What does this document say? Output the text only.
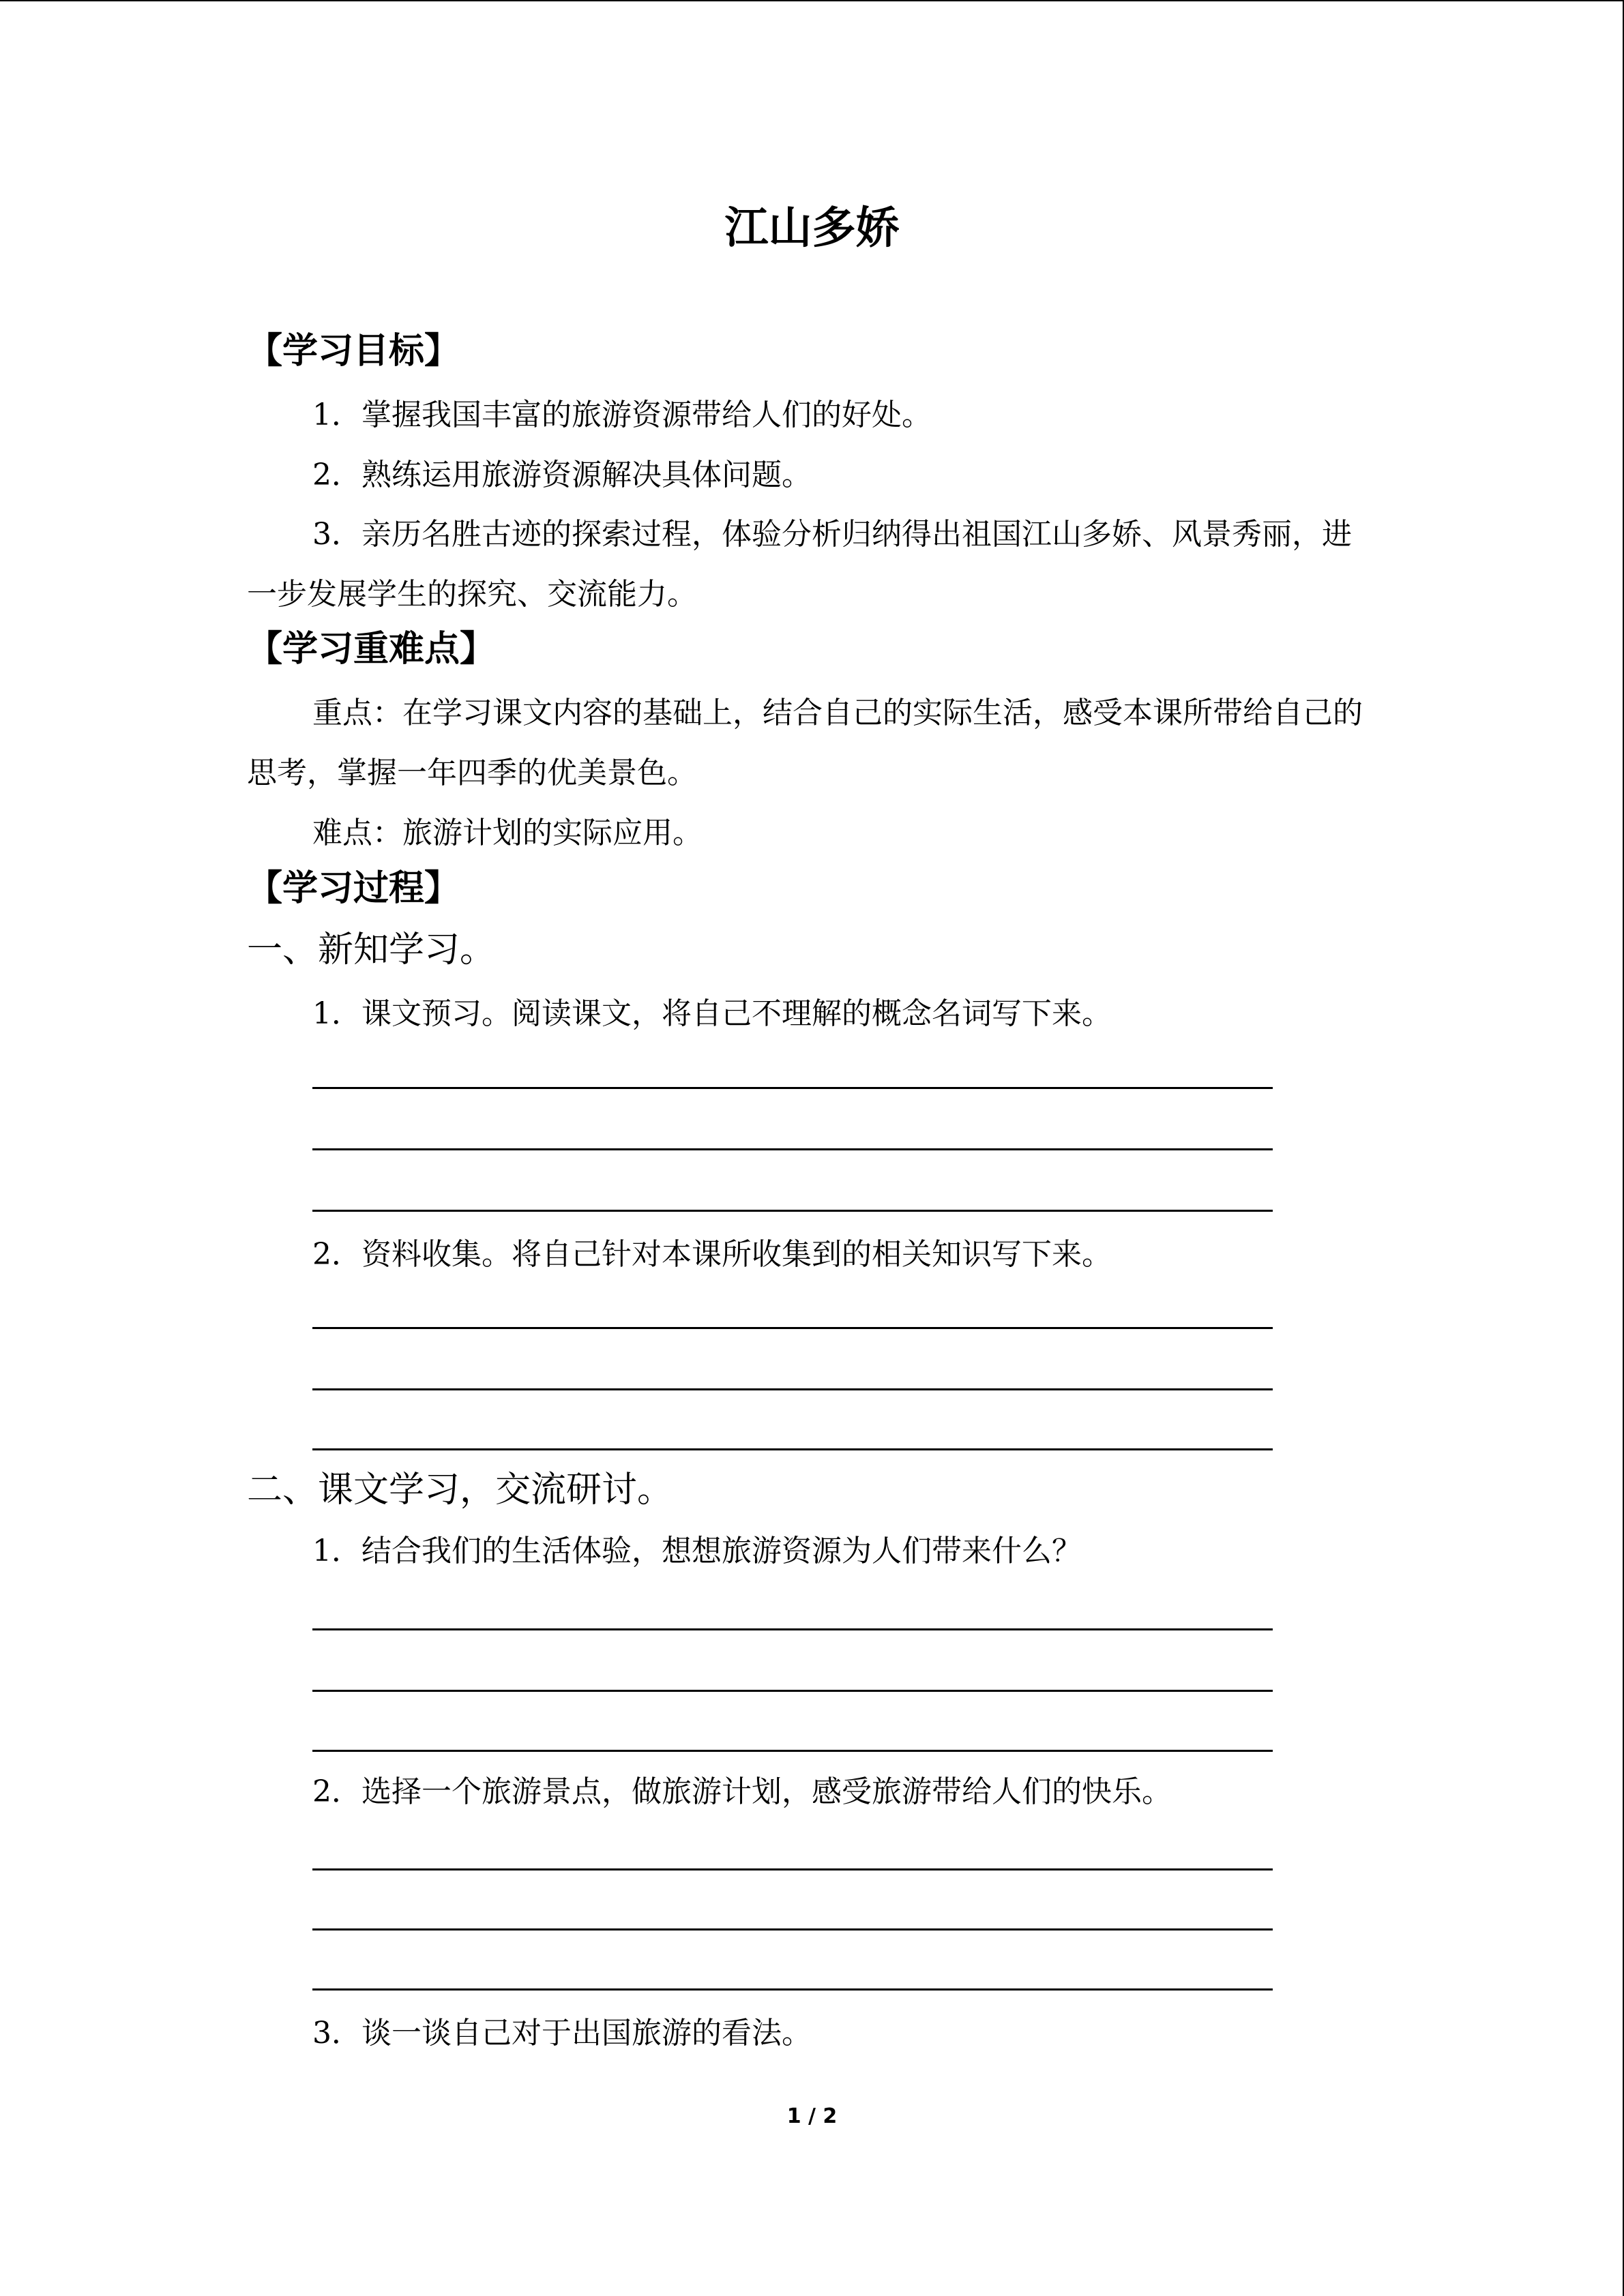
江山多娇
【学习目标】
1．掌握我国丰富的旅游资源带给人们的好处。
2．熟练运用旅游资源解决具体问题。
3．亲历名胜古迹的探索过程，体验分析归纳得出祖国江山多娇、风景秀丽，进一步发展学生的探究、交流能力。
【学习重难点】
重点：在学习课文内容的基础上，结合自己的实际生活，感受本课所带给自己的思考，掌握一年四季的优美景色。
难点：旅游计划的实际应用。
【学习过程】
一、新知学习。
1．课文预习。阅读课文，将自己不理解的概念名词写下来。
2．资料收集。将自己针对本课所收集到的相关知识写下来。
二、课文学习，交流研讨。
1．结合我们的生活体验，想想旅游资源为人们带来什么？
2．选择一个旅游景点，做旅游计划，感受旅游带给人们的快乐。
3．谈一谈自己对于出国旅游的看法。
1 / 2
